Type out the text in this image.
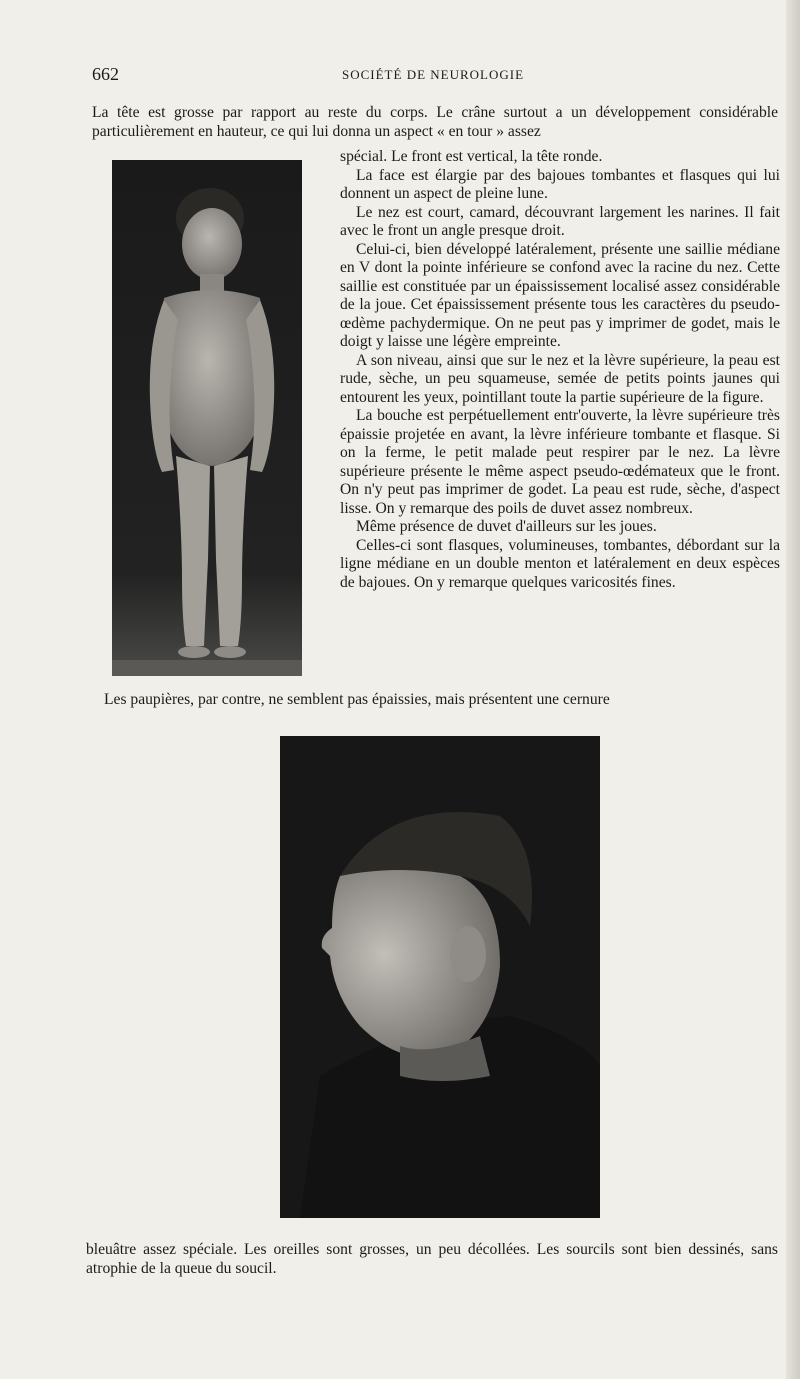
662	SOCIÉTÉ DE NEUROLOGIE

La tête est grosse par rapport au reste du corps. Le crâne surtout a un développement considérable particulièrement en hauteur, ce qui lui donna un aspect « en tour » assez

spécial. Le front est vertical, la tête ronde.

La face est élargie par des bajoues tombantes et flasques qui lui donnent un aspect de pleine lune.

Le nez est court, camard, découvrant largement les narines. Il fait avec le front un angle presque droit.

Celui-ci, bien développé latéralement, présente une saillie médiane en V dont la pointe inférieure se confond avec la racine du nez. Cette saillie est constituée par un épaississement localisé assez considérable de la joue. Cet épaississement présente tous les caractères du pseudo-œdème pachydermique. On ne peut pas y imprimer de godet, mais le doigt y laisse une légère empreinte.

A son niveau, ainsi que sur le nez et la lèvre supérieure, la peau est rude, sèche, un peu squameuse, semée de petits points jaunes qui entourent les yeux, pointillant toute la partie supérieure de la figure.

La bouche est perpétuellement entr'ouverte, la lèvre supérieure très épaissie projetée en avant, la lèvre inférieure tombante et flasque. Si on la ferme, le petit malade peut respirer par le nez. La lèvre supérieure présente le même aspect pseudo-œdémateux que le front. On n'y peut pas imprimer de godet. La peau est rude, sèche, d'aspect lisse. On y remarque des poils de duvet assez nombreux.

Même présence de duvet d'ailleurs sur les joues.

Celles-ci sont flasques, volumineuses, tombantes, débordant sur la ligne médiane en un double menton et latéralement en deux espèces de bajoues. On y remarque quelques varicosités fines.

Les paupières, par contre, ne semblent pas épaissies, mais présentent une cernure

bleuâtre assez spéciale. Les oreilles sont grosses, un peu décollées. Les sourcils sont bien dessinés, sans atrophie de la queue du soucil.
